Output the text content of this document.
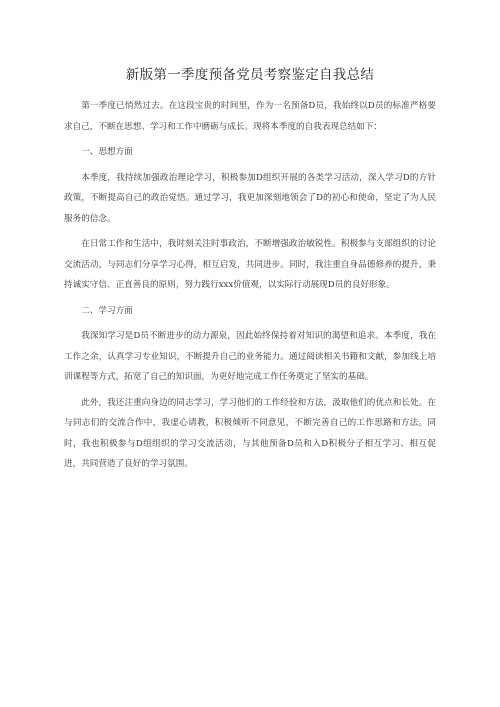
新版第一季度预备党员考察鉴定自我总结

第一季度已悄然过去。在这段宝贵的时间里，作为一名预备D员，我始终以D员的标准严格要求自己，不断在思想、学习和工作中磨砺与成长。现将本季度的自我表现总结如下：

一、思想方面

本季度，我持续加强政治理论学习，积极参加D组织开展的各类学习活动，深入学习D的方针政策，不断提高自己的政治觉悟。通过学习，我更加深刻地领会了D的初心和使命，坚定了为人民服务的信念。

在日常工作和生活中，我时刻关注时事政治，不断增强政治敏锐性。积极参与支部组织的讨论交流活动，与同志们分享学习心得，相互启发，共同进步。同时，我注重自身品德修养的提升，秉持诚实守信、正直善良的原则，努力践行xxx价值观，以实际行动展现D员的良好形象。

二、学习方面

我深知学习是D员不断进步的动力源泉，因此始终保持着对知识的渴望和追求。本季度，我在工作之余，认真学习专业知识，不断提升自己的业务能力。通过阅读相关书籍和文献，参加线上培训课程等方式，拓宽了自己的知识面，为更好地完成工作任务奠定了坚实的基础。

此外，我还注重向身边的同志学习，学习他们的工作经验和方法，汲取他们的优点和长处。在与同志们的交流合作中，我虚心请教，积极倾听不同意见，不断完善自己的工作思路和方法。同时，我也积极参与D组组织的学习交流活动，与其他预备D员和入D积极分子相互学习、相互促进，共同营造了良好的学习氛围。
